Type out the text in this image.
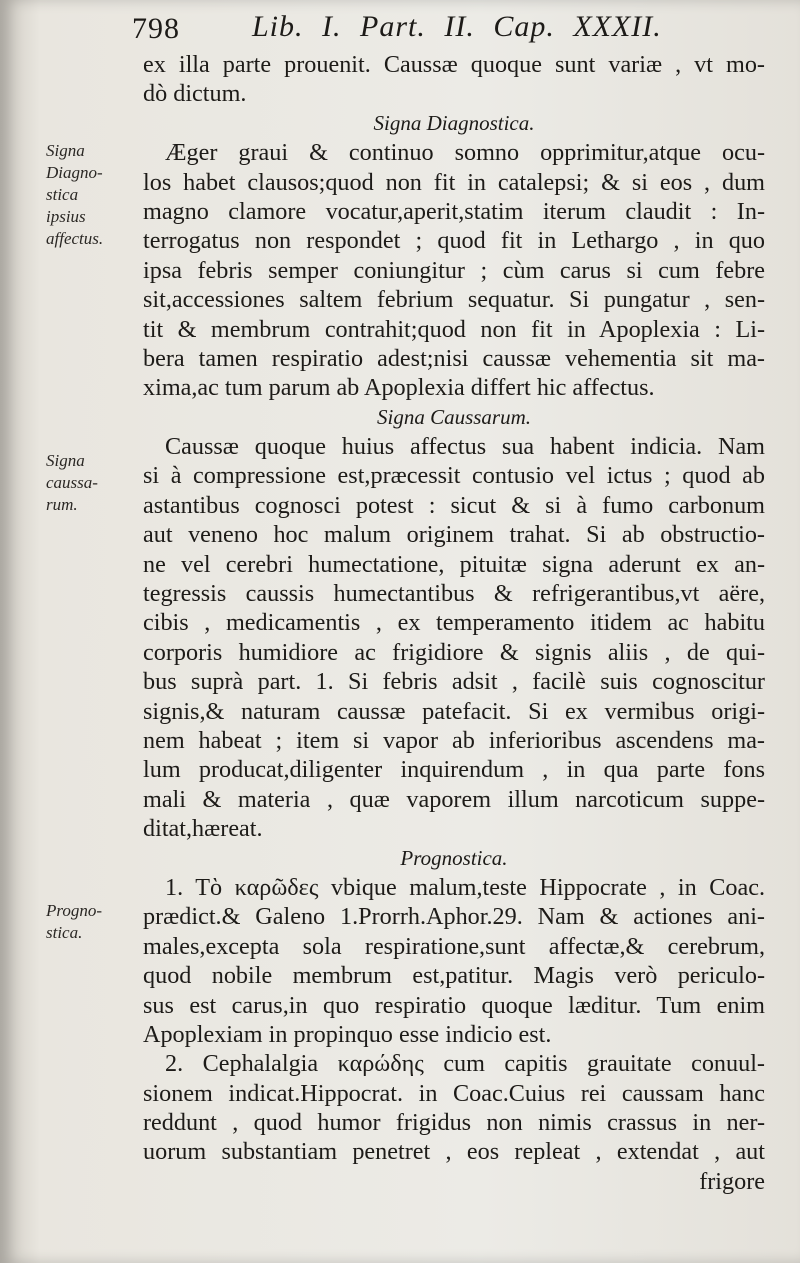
798 Lib. I. Part. II. Cap. XXXII.
Signa
Diagno-
stica
ipsius
affectus.
Signa
caussa-
rum.
Progno-
stica.
ex illa parte prouenit. Caussæ quoque sunt variæ , vt mo-
dò dictum.
Signa Diagnostica.
Æger graui & continuo somno opprimitur,atque ocu-
los habet clausos;quod non fit in catalepsi; & si eos , dum
magno clamore vocatur,aperit,statim iterum claudit : In-
terrogatus non respondet ; quod fit in Lethargo , in quo
ipsa febris semper coniungitur ; cùm carus si cum febre
sit,accessiones saltem febrium sequatur. Si pungatur , sen-
tit & membrum contrahit;quod non fit in Apoplexia : Li-
bera tamen respiratio adest;nisi caussæ vehementia sit ma-
xima,ac tum parum ab Apoplexia differt hic affectus.
Signa Caussarum.
Caussæ quoque huius affectus sua habent indicia. Nam
si à compressione est,præcessit contusio vel ictus ; quod ab
astantibus cognosci potest : sicut & si à fumo carbonum
aut veneno hoc malum originem trahat. Si ab obstructio-
ne vel cerebri humectatione, pituitæ signa aderunt ex an-
tegressis caussis humectantibus & refrigerantibus,vt aëre,
cibis , medicamentis , ex temperamento itidem ac habitu
corporis humidiore ac frigidiore & signis aliis , de qui-
bus suprà part. 1. Si febris adsit , facilè suis cognoscitur
signis,& naturam caussæ patefacit. Si ex vermibus origi-
nem habeat ; item si vapor ab inferioribus ascendens ma-
lum producat,diligenter inquirendum , in qua parte fons
mali & materia , quæ vaporem illum narcoticum suppe-
ditat,hæreat.
Prognostica.
1. Τὸ καρῶδες vbique malum,teste Hippocrate , in Coac.
prædict.& Galeno 1.Prorrh.Aphor.29. Nam & actiones ani-
males,excepta sola respiratione,sunt affectæ,& cerebrum,
quod nobile membrum est,patitur. Magis verò periculo-
sus est carus,in quo respiratio quoque læditur. Tum enim
Apoplexiam in propinquo esse indicio est.
2. Cephalalgia καρώδης cum capitis grauitate conuul-
sionem indicat.Hippocrat. in Coac.Cuius rei caussam hanc
reddunt , quod humor frigidus non nimis crassus in ner-
uorum substantiam penetret , eos repleat , extendat , aut
frigore
